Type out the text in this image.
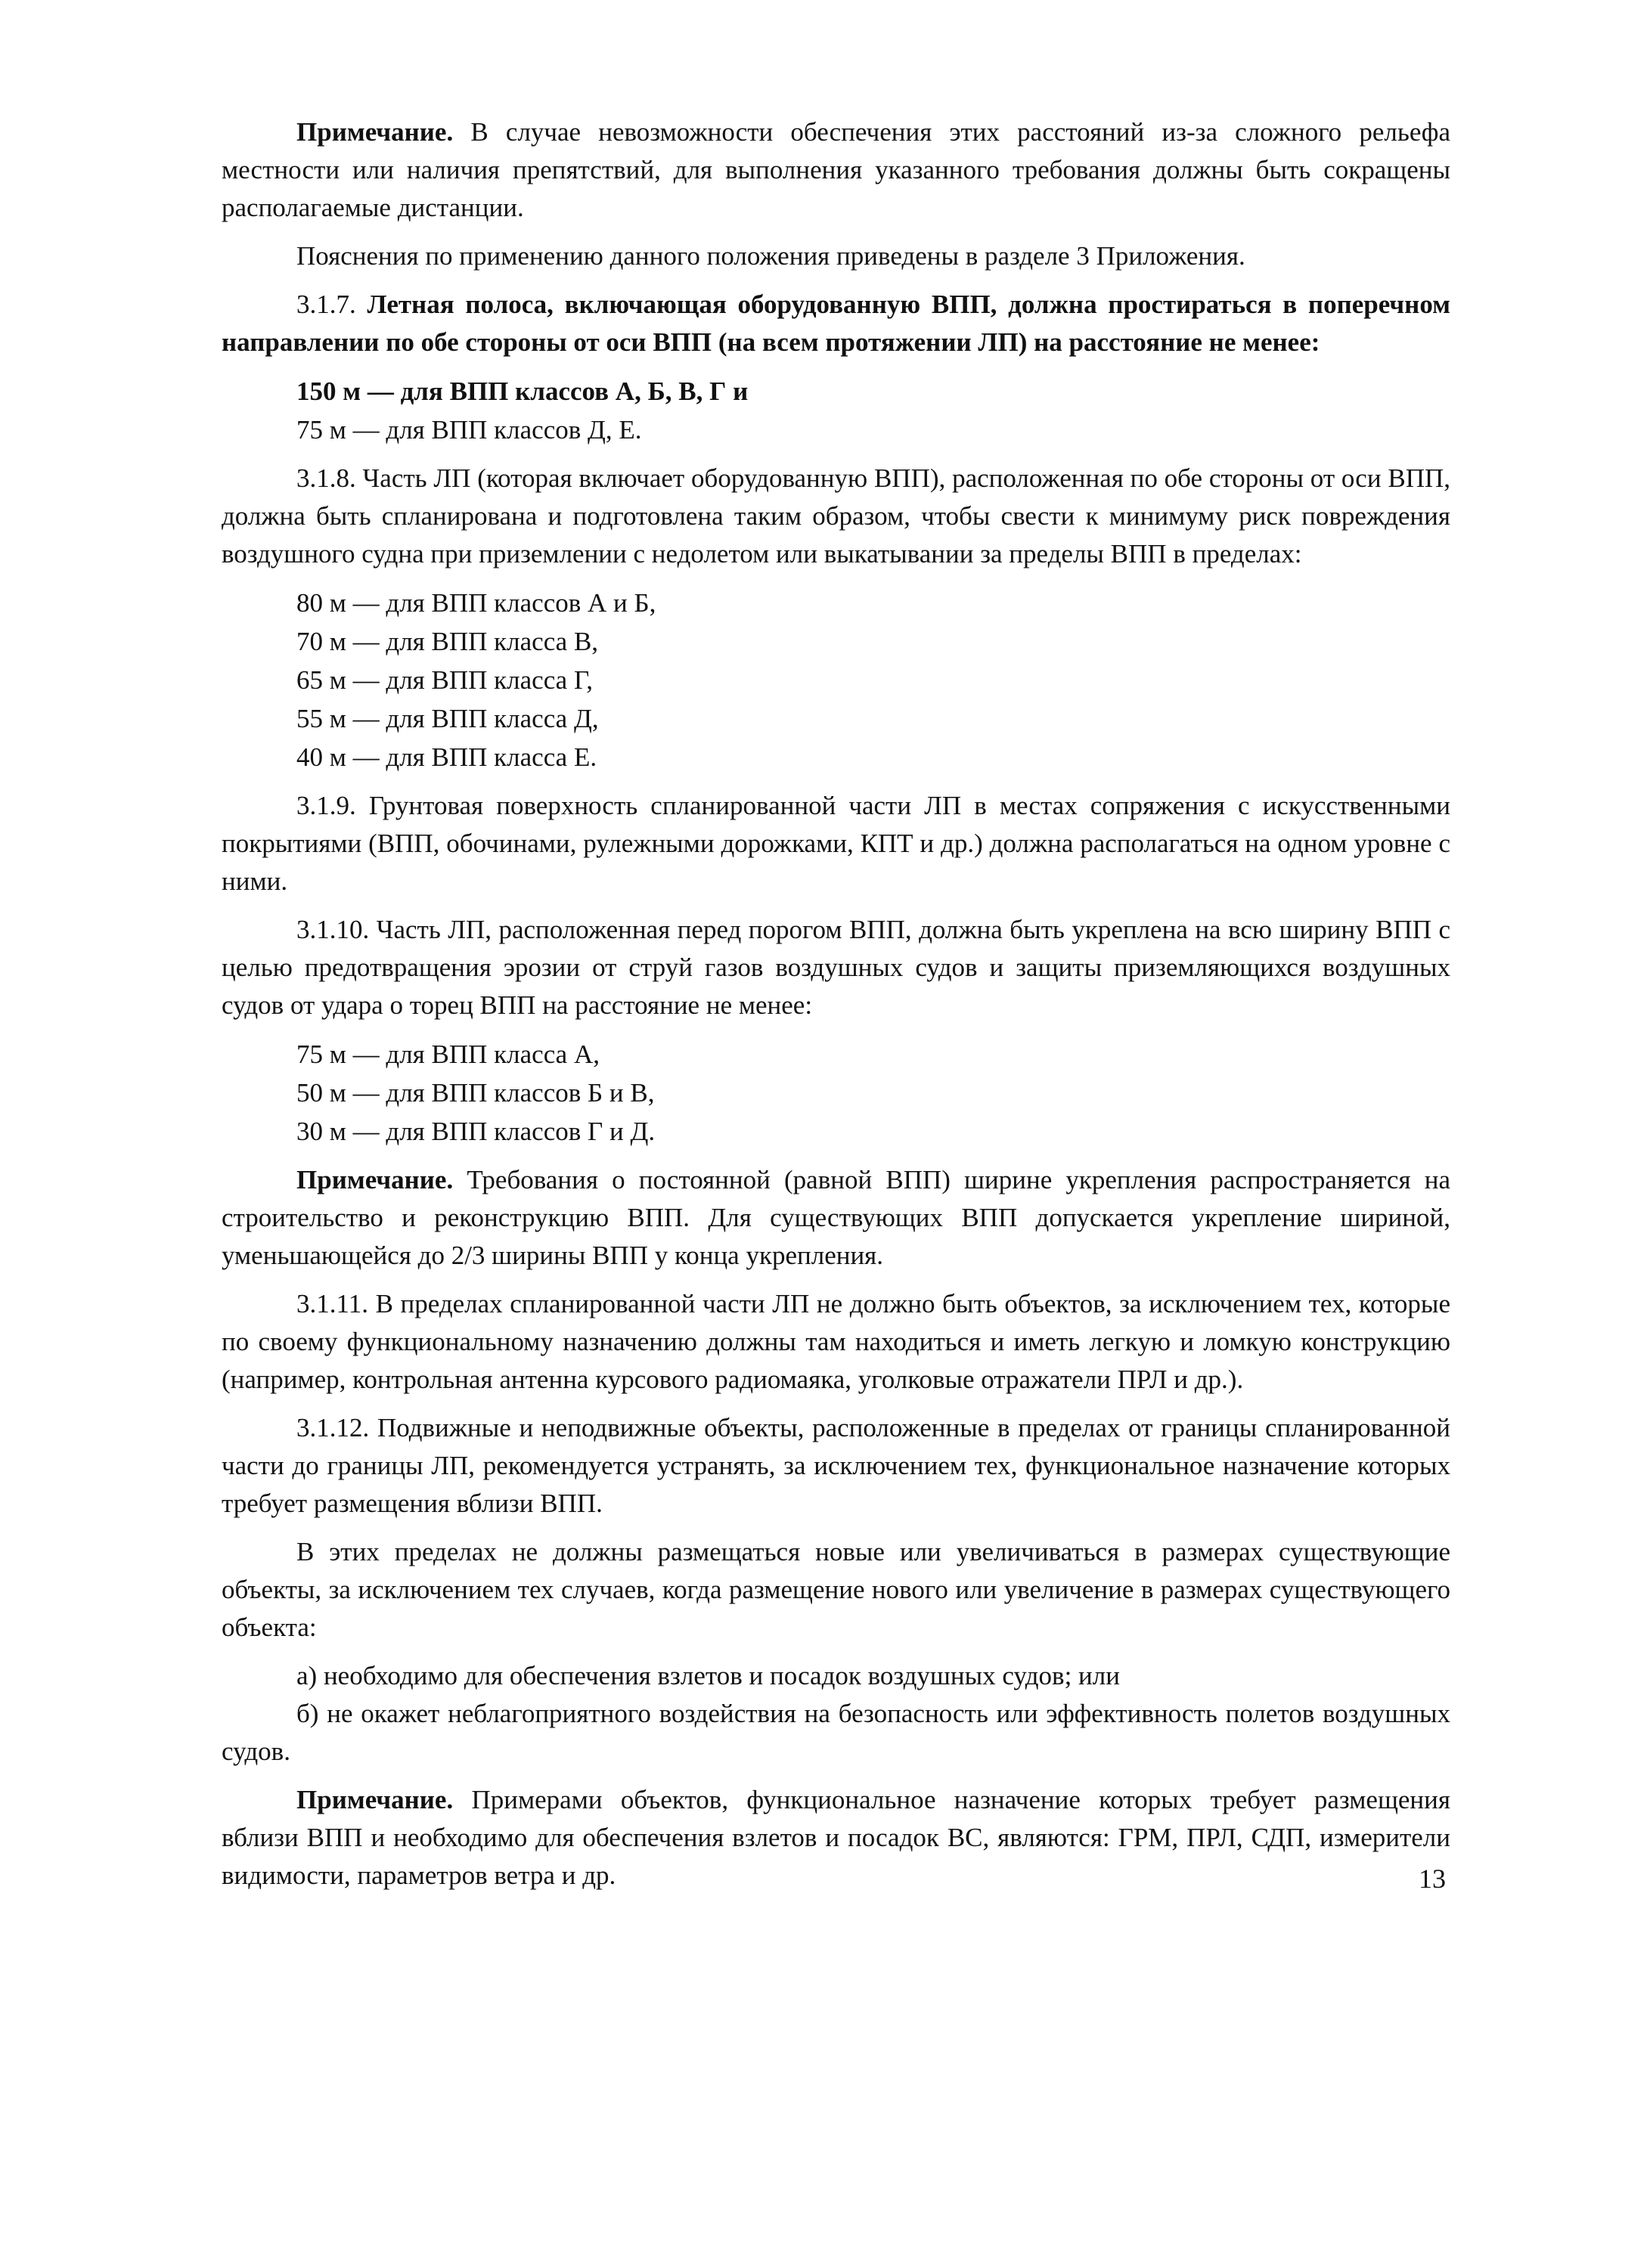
Примечание. В случае невозможности обеспечения этих расстояний из-за сложного рельефа местности или наличия препятствий, для выполнения указанного требования должны быть сокращены располагаемые дистанции.

Пояснения по применению данного положения приведены в разделе 3 Приложения.

3.1.7. Летная полоса, включающая оборудованную ВПП, должна простираться в поперечном направлении по обе стороны от оси ВПП (на всем протяжении ЛП) на расстояние не менее:

150 м — для ВПП классов А, Б, В, Г и
75 м — для ВПП классов Д, Е.

3.1.8. Часть ЛП (которая включает оборудованную ВПП), расположенная по обе стороны от оси ВПП, должна быть спланирована и подготовлена таким образом, чтобы свести к минимуму риск повреждения воздушного судна при приземлении с недолетом или выкатывании за пределы ВПП в пределах:

80 м — для ВПП классов А и Б,
70 м — для ВПП класса В,
65 м — для ВПП класса Г,
55 м — для ВПП класса Д,
40 м — для ВПП класса Е.

3.1.9. Грунтовая поверхность спланированной части ЛП в местах сопряжения с искусственными покрытиями (ВПП, обочинами, рулежными дорожками, КПТ и др.) должна располагаться на одном уровне с ними.

3.1.10. Часть ЛП, расположенная перед порогом ВПП, должна быть укреплена на всю ширину ВПП с целью предотвращения эрозии от струй газов воздушных судов и защиты приземляющихся воздушных судов от удара о торец ВПП на расстояние не менее:

75 м — для ВПП класса А,
50 м — для ВПП классов Б и В,
30 м — для ВПП классов Г и Д.

Примечание. Требования о постоянной (равной ВПП) ширине укрепления распространяется на строительство и реконструкцию ВПП. Для существующих ВПП допускается укрепление шириной, уменьшающейся до 2/3 ширины ВПП у конца укрепления.

3.1.11. В пределах спланированной части ЛП не должно быть объектов, за исключением тех, которые по своему функциональному назначению должны там находиться и иметь легкую и ломкую конструкцию (например, контрольная антенна курсового радиомаяка, уголковые отражатели ПРЛ и др.).

3.1.12. Подвижные и неподвижные объекты, расположенные в пределах от границы спланированной части до границы ЛП, рекомендуется устранять, за исключением тех, функциональное назначение которых требует размещения вблизи ВПП.

В этих пределах не должны размещаться новые или увеличиваться в размерах существующие объекты, за исключением тех случаев, когда размещение нового или увеличение в размерах существующего объекта:

а) необходимо для обеспечения взлетов и посадок воздушных судов; или

б) не окажет неблагоприятного воздействия на безопасность или эффективность полетов воздушных судов.

Примечание. Примерами объектов, функциональное назначение которых требует размещения вблизи ВПП и необходимо для обеспечения взлетов и посадок ВС, являются: ГРМ, ПРЛ, СДП, измерители видимости, параметров ветра и др.	13
